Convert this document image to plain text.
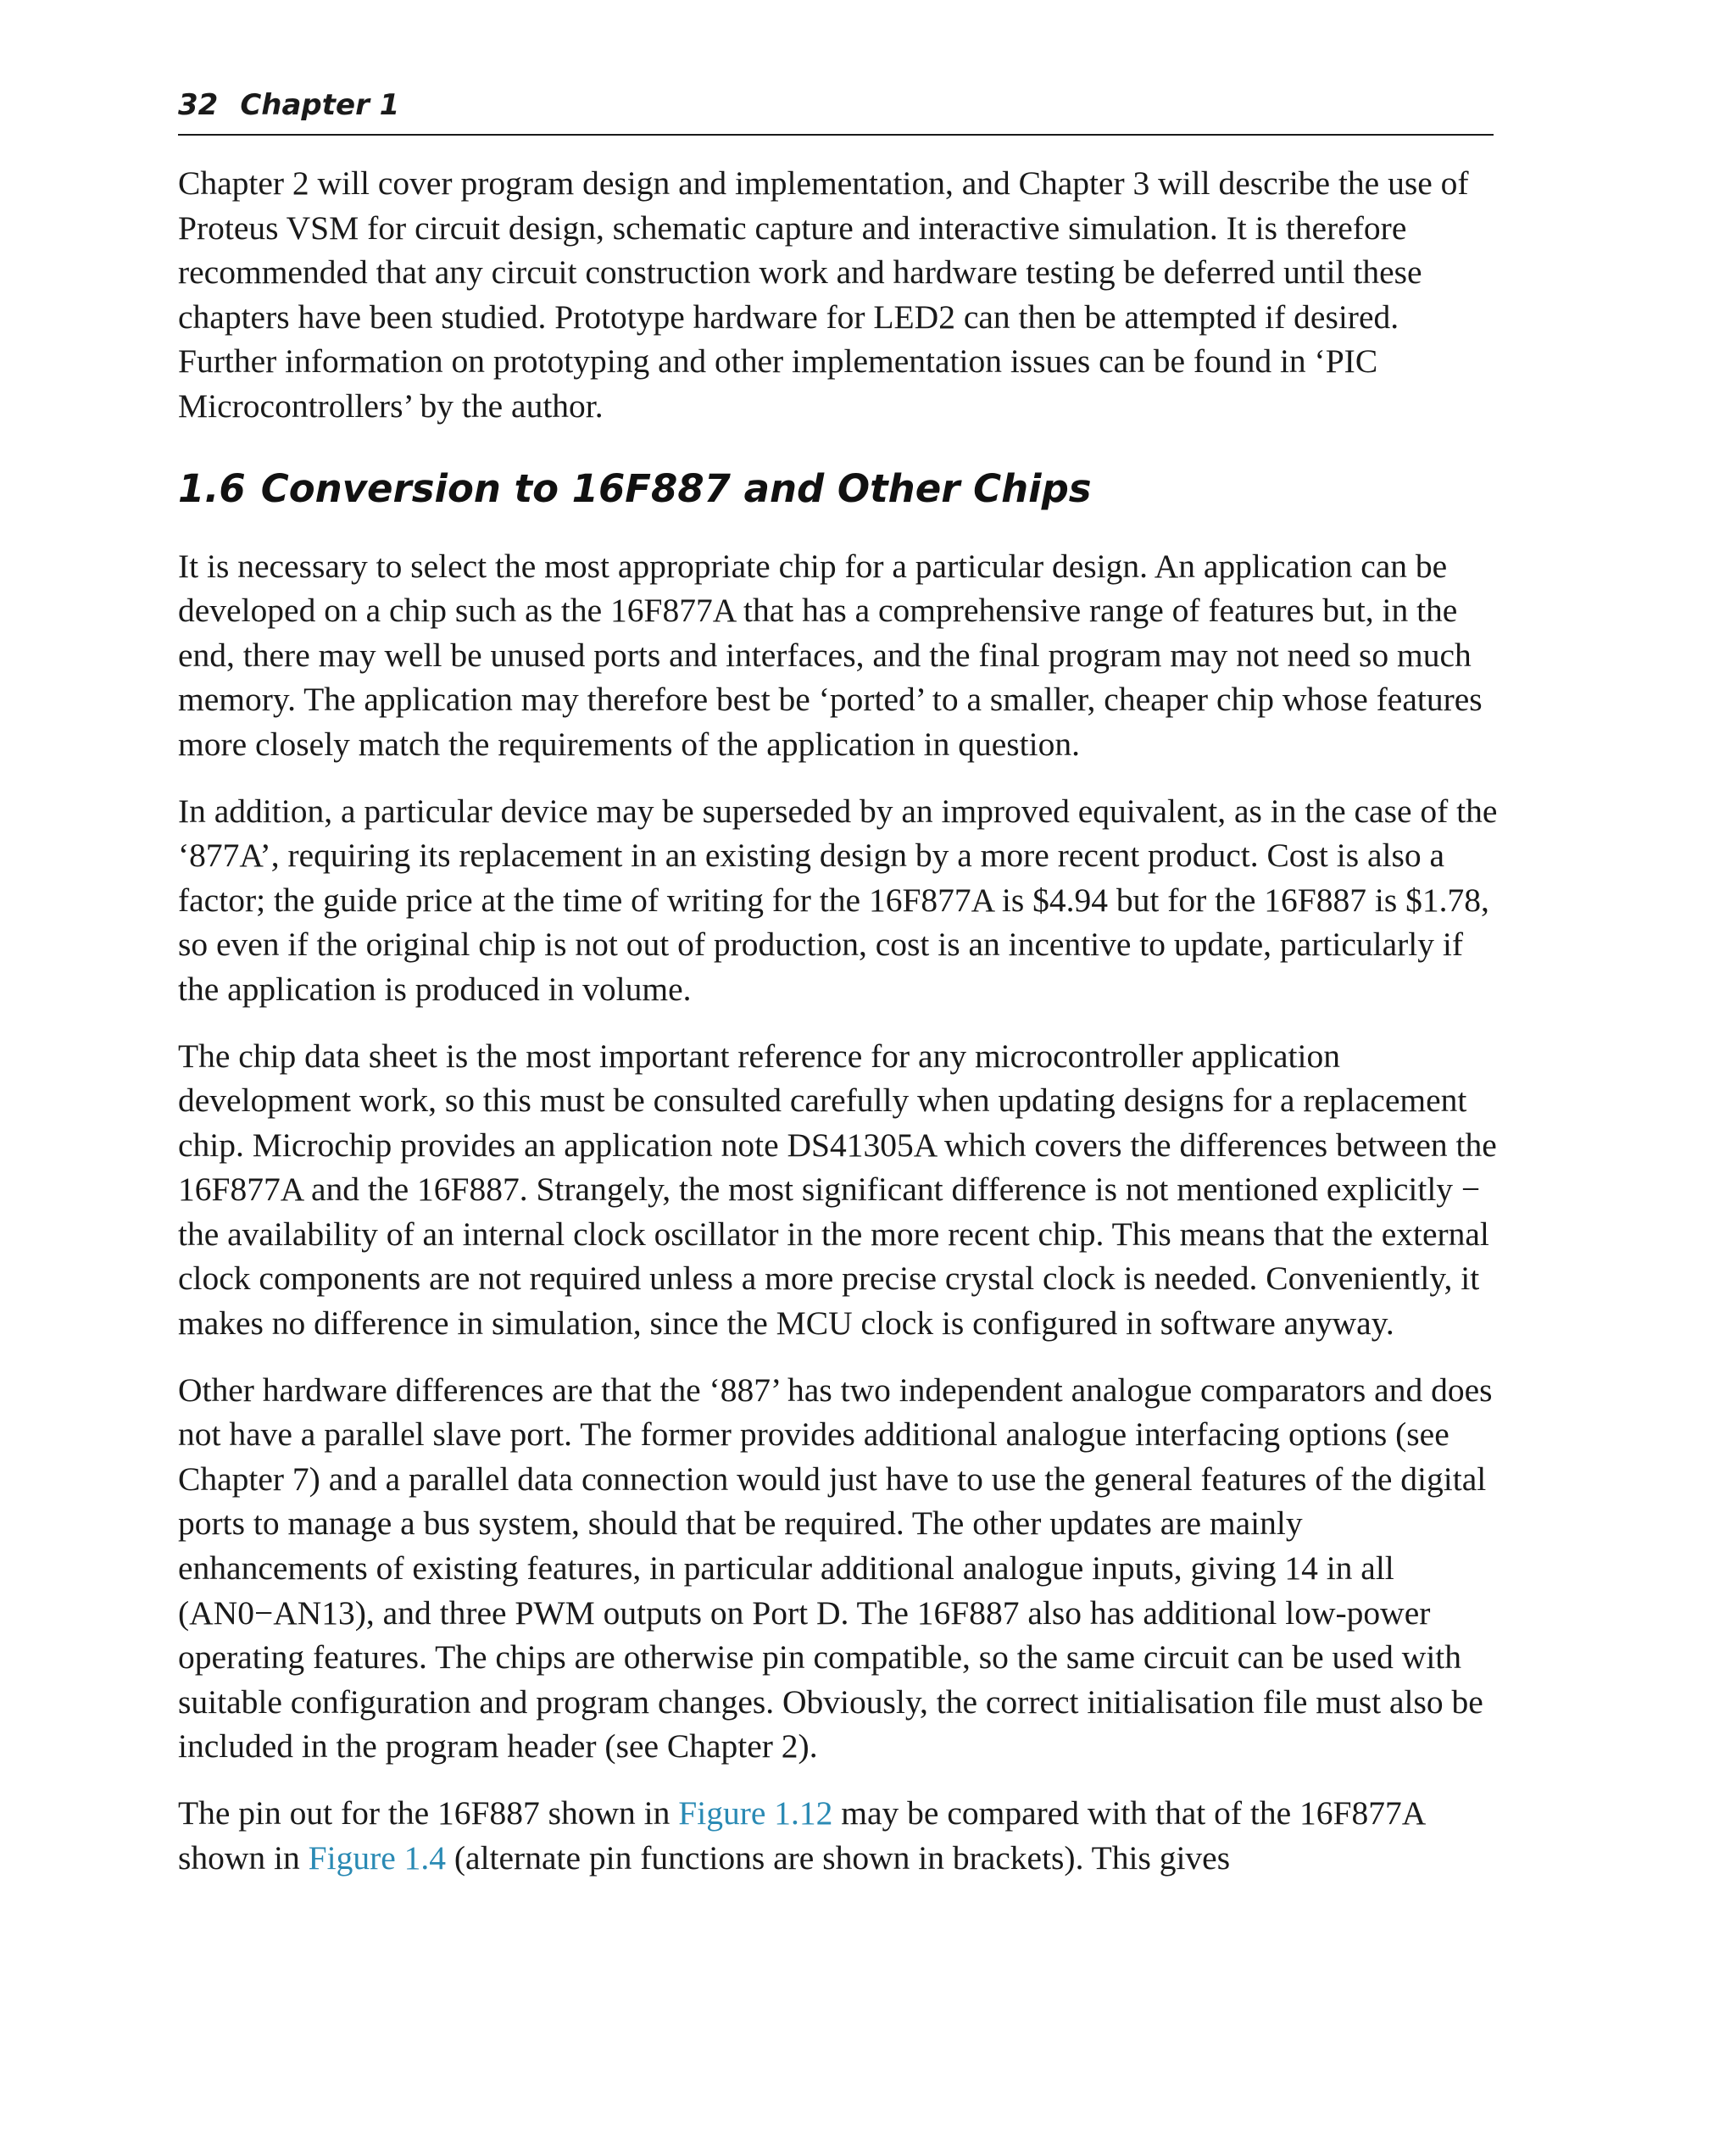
32 Chapter 1

Chapter 2 will cover program design and implementation, and Chapter 3 will describe the use of Proteus VSM for circuit design, schematic capture and interactive simulation. It is therefore recommended that any circuit construction work and hardware testing be deferred until these chapters have been studied. Prototype hardware for LED2 can then be attempted if desired. Further information on prototyping and other implementation issues can be found in ‘PIC Microcontrollers’ by the author.

1.6 Conversion to 16F887 and Other Chips

It is necessary to select the most appropriate chip for a particular design. An application can be developed on a chip such as the 16F877A that has a comprehensive range of features but, in the end, there may well be unused ports and interfaces, and the final program may not need so much memory. The application may therefore best be ‘ported’ to a smaller, cheaper chip whose features more closely match the requirements of the application in question.

In addition, a particular device may be superseded by an improved equivalent, as in the case of the ‘877A’, requiring its replacement in an existing design by a more recent product. Cost is also a factor; the guide price at the time of writing for the 16F877A is $4.94 but for the 16F887 is $1.78, so even if the original chip is not out of production, cost is an incentive to update, particularly if the application is produced in volume.

The chip data sheet is the most important reference for any microcontroller application development work, so this must be consulted carefully when updating designs for a replacement chip. Microchip provides an application note DS41305A which covers the differences between the 16F877A and the 16F887. Strangely, the most significant difference is not mentioned explicitly − the availability of an internal clock oscillator in the more recent chip. This means that the external clock components are not required unless a more precise crystal clock is needed. Conveniently, it makes no difference in simulation, since the MCU clock is configured in software anyway.

Other hardware differences are that the ‘887’ has two independent analogue comparators and does not have a parallel slave port. The former provides additional analogue interfacing options (see Chapter 7) and a parallel data connection would just have to use the general features of the digital ports to manage a bus system, should that be required. The other updates are mainly enhancements of existing features, in particular additional analogue inputs, giving 14 in all (AN0−AN13), and three PWM outputs on Port D. The 16F887 also has additional low-power operating features. The chips are otherwise pin compatible, so the same circuit can be used with suitable configuration and program changes. Obviously, the correct initialisation file must also be included in the program header (see Chapter 2).

The pin out for the 16F887 shown in Figure 1.12 may be compared with that of the 16F877A shown in Figure 1.4 (alternate pin functions are shown in brackets). This gives
